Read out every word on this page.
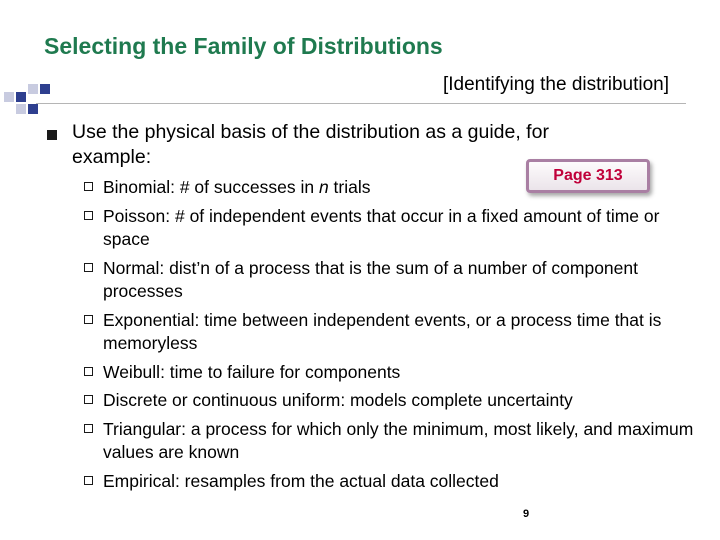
Selecting the Family of Distributions
[Identifying the distribution]
Use the physical basis of the distribution as a guide, for example:
Page 313
Binomial: # of successes in n trials
Poisson: # of independent events that occur in a fixed amount of time or space
Normal: dist’n of a process that is the sum of a number of component processes
Exponential: time between independent events, or a process time that is memoryless
Weibull: time to failure for components
Discrete or continuous uniform: models complete uncertainty
Triangular: a process for which only the minimum, most likely, and maximum values are known
Empirical: resamples from the actual data collected
9
